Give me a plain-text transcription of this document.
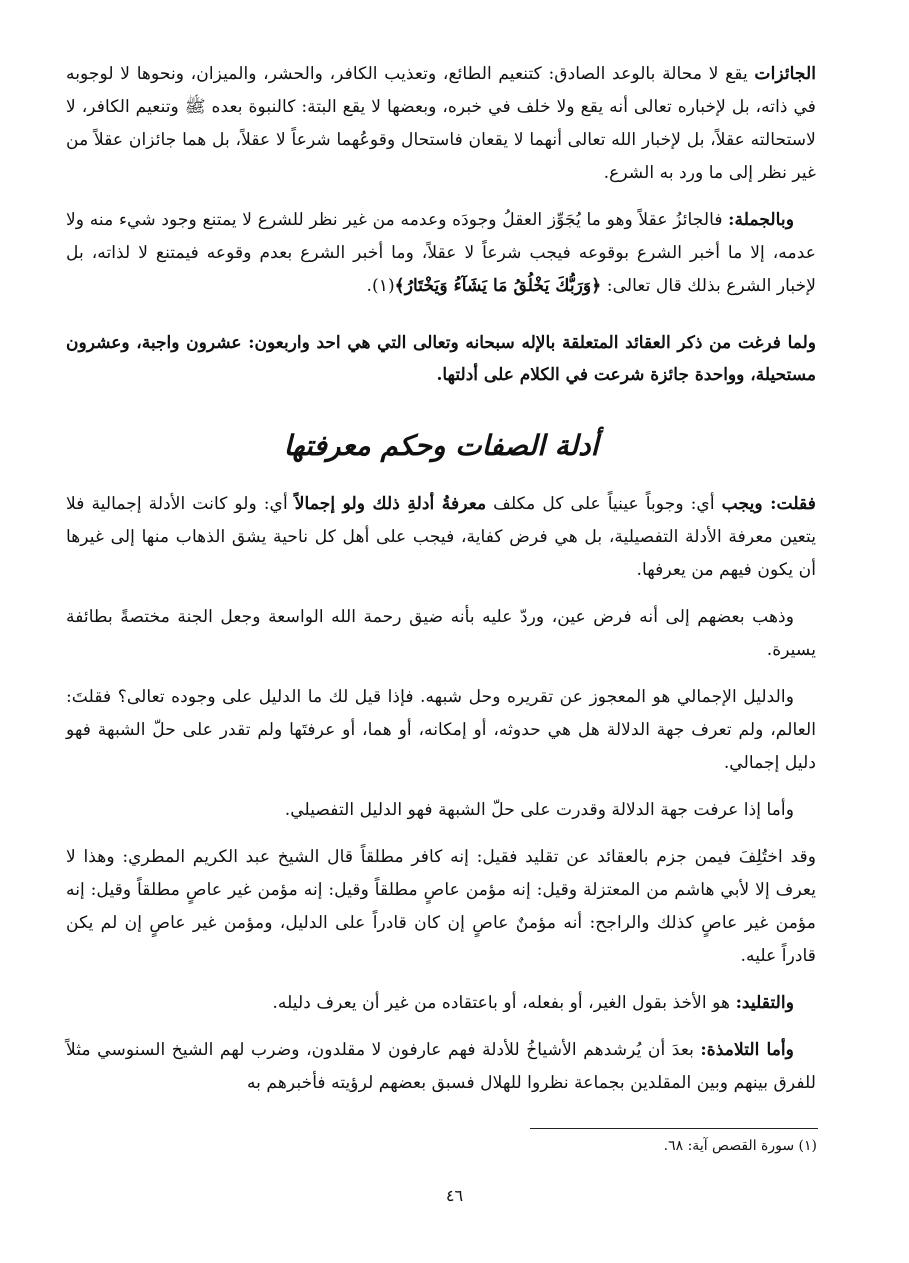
الجائزات يقع لا محالة بالوعد الصادق: كتنعيم الطائع، وتعذيب الكافر، والحشر، والميزان، ونحوها لا لوجوبه في ذاته، بل لإخباره تعالى أنه يقع ولا خلف في خبره، وبعضها لا يقع البتة: كالنبوة بعده ﷺ وتنعيم الكافر، لا لاستحالته عقلاً، بل لإخبار الله تعالى أنهما لا يقعان فاستحال وقوعُهما شرعاً لا عقلاً، بل هما جائزان عقلاً من غير نظر إلى ما ورد به الشرع.

وبالجملة: فالجائزُ عقلاً وهو ما يُجَوِّز العقلُ وجودَه وعدمه من غير نظر للشرع لا يمتنع وجود شيء منه ولا عدمه، إلا ما أخبر الشرع بوقوعه فيجب شرعاً لا عقلاً، وما أخبر الشرع بعدم وقوعه فيمتنع لا لذاته، بل لإخبار الشرع بذلك قال تعالى: ﴿وَرَبُّكَ يَخْلُقُ مَا يَشَآءُ وَيَخْتَارُ﴾(١).

ولما فرغت من ذكر العقائد المتعلقة بالإله سبحانه وتعالى التي هي احد واربعون: عشرون واجبة، وعشرون مستحيلة، وواحدة جائزة شرعت في الكلام على أدلتها.

أدلة الصفات وحكم معرفتها

فقلت: ويجب أي: وجوباً عينياً على كل مكلف معرفةُ أدلةِ ذلك ولو إجمالاً أي: ولو كانت الأدلة إجمالية فلا يتعين معرفة الأدلة التفصيلية، بل هي فرض كفاية، فيجب على أهل كل ناحية يشق الذهاب منها إلى غيرها أن يكون فيهم من يعرفها.

وذهب بعضهم إلى أنه فرض عين، وردّ عليه بأنه ضيق رحمة الله الواسعة وجعل الجنة مختصةً بطائفة يسيرة.

والدليل الإجمالي هو المعجوز عن تقريره وحل شبهه. فإذا قيل لك ما الدليل على وجوده تعالى؟ فقلتَ: العالم، ولم تعرف جهة الدلالة هل هي حدوثه، أو إمكانه، أو هما، أو عرفتَها ولم تقدر على حلّ الشبهة فهو دليل إجمالي.

وأما إذا عرفت جهة الدلالة وقدرت على حلّ الشبهة فهو الدليل التفصيلي.

وقد اختُلِفَ فيمن جزم بالعقائد عن تقليد فقيل: إنه كافر مطلقاً قال الشيخ عبد الكريم المطري: وهذا لا يعرف إلا لأبي هاشم من المعتزلة وقيل: إنه مؤمن عاصٍ مطلقاً وقيل: إنه مؤمن غير عاصٍ مطلقاً وقيل: إنه مؤمن غير عاصٍ كذلك والراجح: أنه مؤمنٌ عاصٍ إن كان قادراً على الدليل، ومؤمن غير عاصٍ إن لم يكن قادراً عليه.

والتقليد: هو الأخذ بقول الغير، أو بفعله، أو باعتقاده من غير أن يعرف دليله.

وأما التلامذة: بعدَ أن يُرشدهم الأشياخُ للأدلة فهم عارفون لا مقلدون، وضرب لهم الشيخ السنوسي مثلاً للفرق بينهم وبين المقلدين بجماعة نظروا للهلال فسبق بعضهم لرؤيته فأخبرهم به

(١) سورة القصص آية: ٦٨.
٤٦
